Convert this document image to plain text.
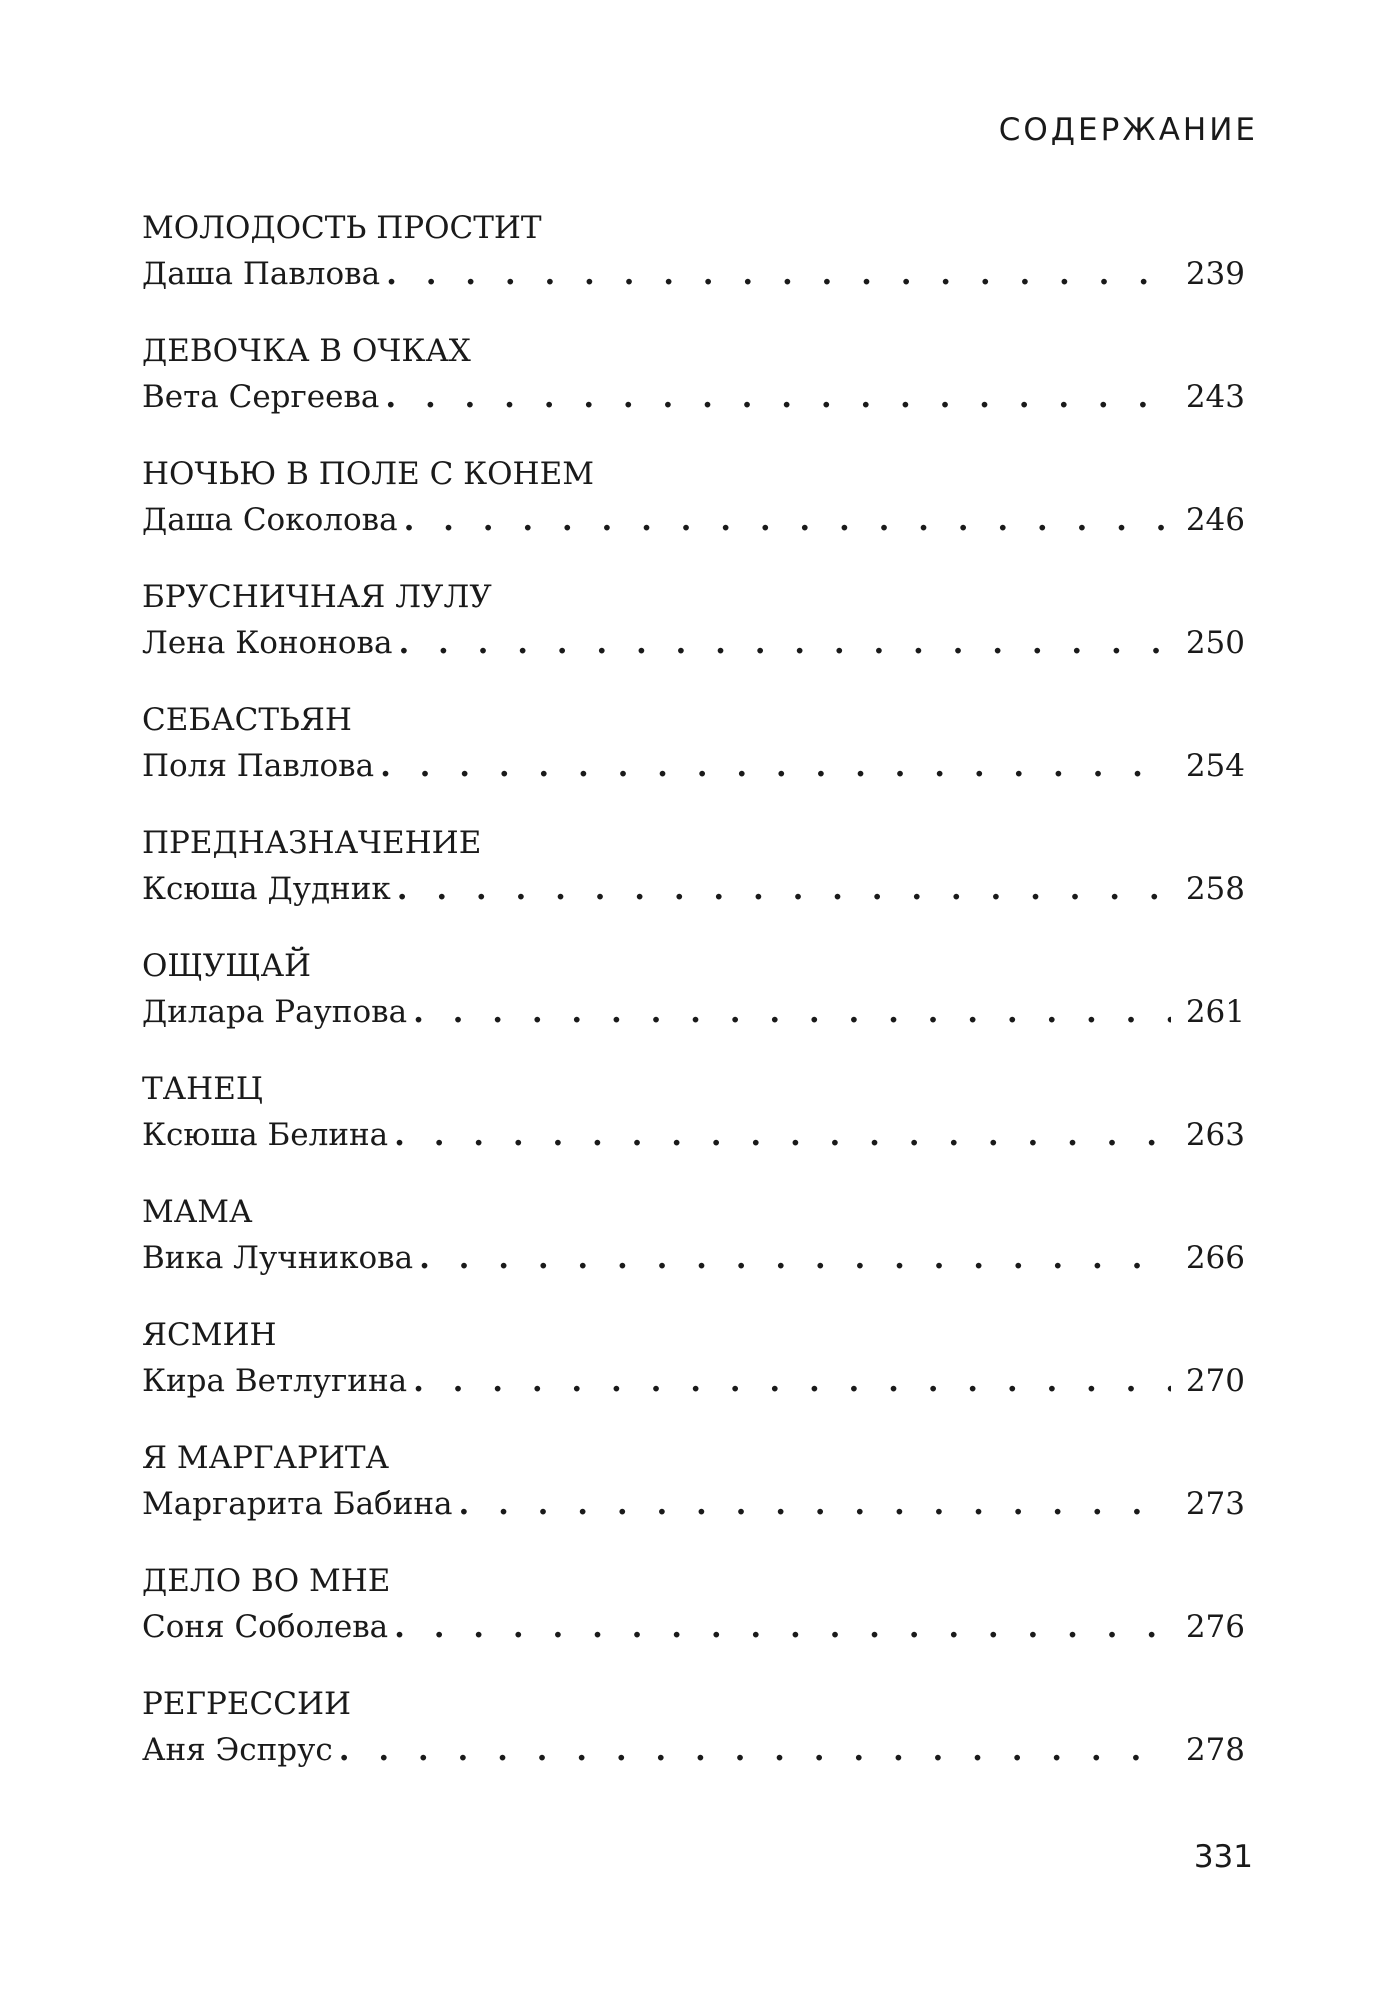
СОДЕРЖАНИЕ
МОЛОДОСТЬ ПРОСТИТ
Даша Павлова . . .	239
ДЕВОЧКА В ОЧКАХ
Вета Сергеева . . .	243
НОЧЬЮ В ПОЛЕ С КОНЕМ
Даша Соколова . . .	246
БРУСНИЧНАЯ ЛУЛУ
Лена Кононова . . .	250
СЕБАСТЬЯН
Поля Павлова . . .	254
ПРЕДНАЗНАЧЕНИЕ
Ксюша Дудник . . .	258
ОЩУЩАЙ
Дилара Раупова . . .	261
ТАНЕЦ
Ксюша Белина . . .	263
МАМА
Вика Лучникова . . .	266
ЯСМИН
Кира Ветлугина . . .	270
Я МАРГАРИТА
Маргарита Бабина . . .	273
ДЕЛО ВО МНЕ
Соня Соболева . . .	276
РЕГРЕССИИ
Аня Эспрус . . .	278
331
